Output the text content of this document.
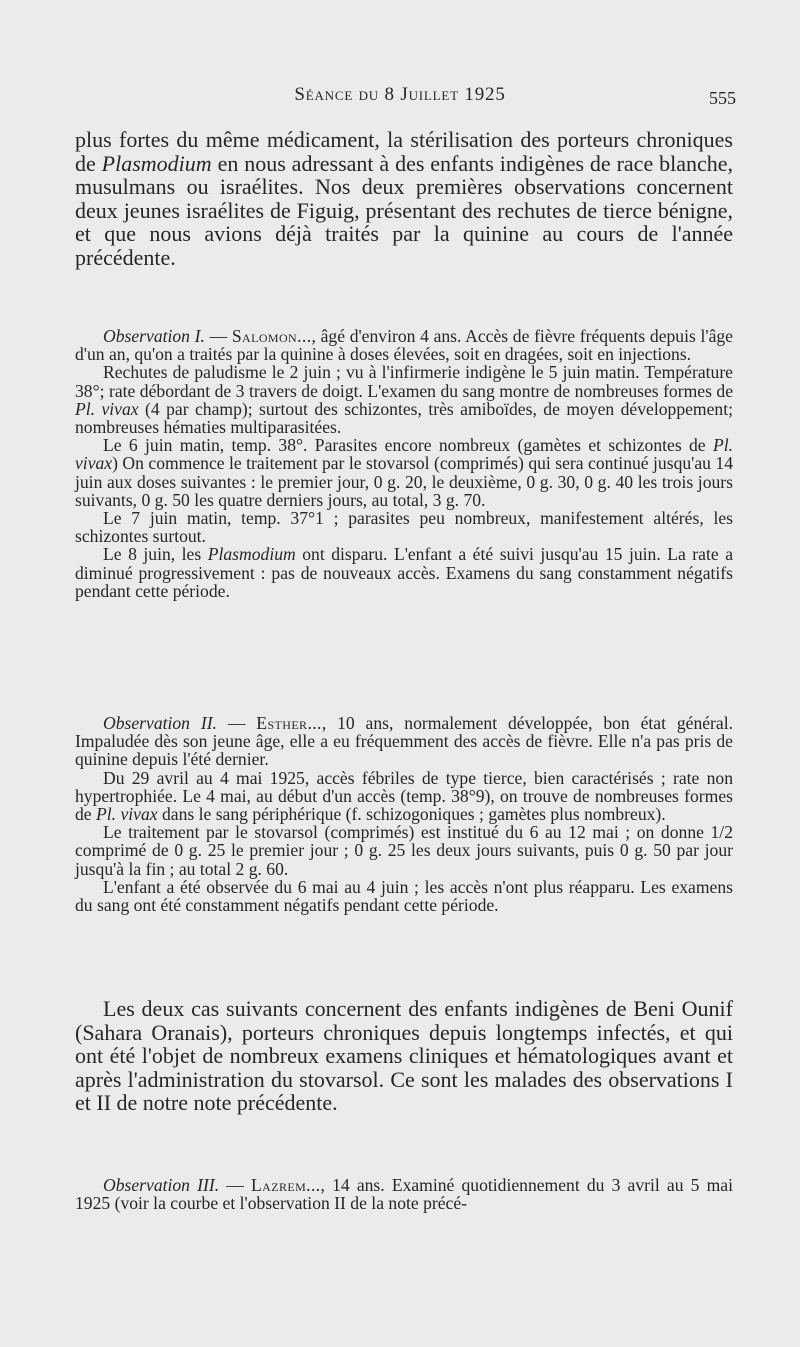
Séance du 8 Juillet 1925	555

plus fortes du même médicament, la stérilisation des porteurs chroniques de Plasmodium en nous adressant à des enfants indigènes de race blanche, musulmans ou israélites. Nos deux premières observations concernent deux jeunes israélites de Figuig, présentant des rechutes de tierce bénigne, et que nous avions déjà traités par la quinine au cours de l'année précédente.

Observation I. — Salomon..., âgé d'environ 4 ans. Accès de fièvre fréquents depuis l'âge d'un an, qu'on a traités par la quinine à doses élevées, soit en dragées, soit en injections.

Rechutes de paludisme le 2 juin ; vu à l'infirmerie indigène le 5 juin matin. Température 38°; rate débordant de 3 travers de doigt. L'examen du sang montre de nombreuses formes de Pl. vivax (4 par champ); surtout des schizontes, très amiboïdes, de moyen développement; nombreuses hématies multiparasitées.

Le 6 juin matin, temp. 38°. Parasites encore nombreux (gamètes et schizontes de Pl. vivax) On commence le traitement par le stovarsol (comprimés) qui sera continué jusqu'au 14 juin aux doses suivantes : le premier jour, 0 g. 20, le deuxième, 0 g. 30, 0 g. 40 les trois jours suivants, 0 g. 50 les quatre derniers jours, au total, 3 g. 70.

Le 7 juin matin, temp. 37°1 ; parasites peu nombreux, manifestement altérés, les schizontes surtout.

Le 8 juin, les Plasmodium ont disparu. L'enfant a été suivi jusqu'au 15 juin. La rate a diminué progressivement : pas de nouveaux accès. Examens du sang constamment négatifs pendant cette période.

Observation II. — Esther..., 10 ans, normalement développée, bon état général. Impaludée dès son jeune âge, elle a eu fréquemment des accès de fièvre. Elle n'a pas pris de quinine depuis l'été dernier.

Du 29 avril au 4 mai 1925, accès fébriles de type tierce, bien caractérisés ; rate non hypertrophiée. Le 4 mai, au début d'un accès (temp. 38°9), on trouve de nombreuses formes de Pl. vivax dans le sang périphérique (f. schizogoniques ; gamètes plus nombreux).

Le traitement par le stovarsol (comprimés) est institué du 6 au 12 mai ; on donne 1/2 comprimé de 0 g. 25 le premier jour ; 0 g. 25 les deux jours suivants, puis 0 g. 50 par jour jusqu'à la fin ; au total 2 g. 60.

L'enfant a été observée du 6 mai au 4 juin ; les accès n'ont plus réapparu. Les examens du sang ont été constamment négatifs pendant cette période.

Les deux cas suivants concernent des enfants indigènes de Beni Ounif (Sahara Oranais), porteurs chroniques depuis longtemps infectés, et qui ont été l'objet de nombreux examens cliniques et hématologiques avant et après l'administration du stovarsol. Ce sont les malades des observations I et II de notre note précédente.

Observation III. — Lazrem..., 14 ans. Examiné quotidiennement du 3 avril au 5 mai 1925 (voir la courbe et l'observation II de la note précé-
